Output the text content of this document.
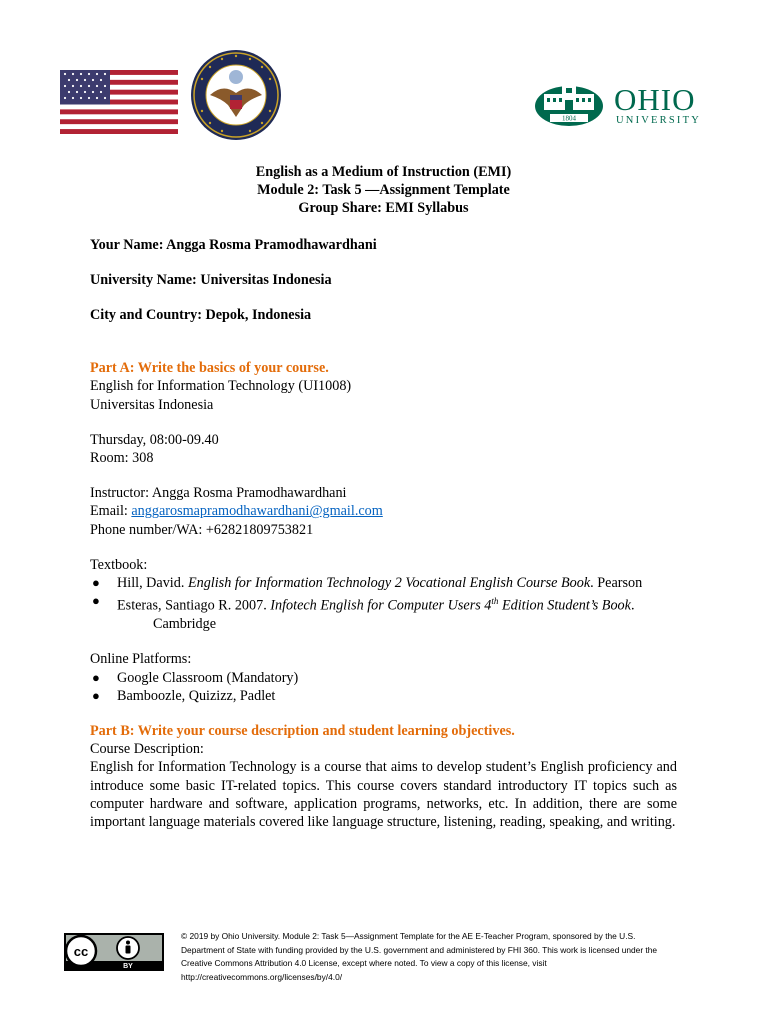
1804
OHIO
UNIVERSITY
English as a Medium of Instruction (EMI)
Module 2: Task 5 —Assignment Template
Group Share: EMI Syllabus
Your Name: Angga Rosma Pramodhawardhani
University Name: Universitas Indonesia
City and Country: Depok, Indonesia
Part A: Write the basics of your course.
English for Information Technology (UI1008)
Universitas Indonesia
Thursday, 08:00-09.40
Room: 308
Instructor: Angga Rosma Pramodhawardhani
Email: anggarosmapramodhawardhani@gmail.com
Phone number/WA: +62821809753821
Textbook:
● Hill, David. English for Information Technology 2 Vocational English Course Book. Pearson
● Esteras, Santiago R. 2007. Infotech English for Computer Users 4th Edition Student’s Book.
Cambridge
Online Platforms:
● Google Classroom (Mandatory)
● Bamboozle, Quizizz, Padlet
Part B: Write your course description and student learning objectives.
Course Description:
English for Information Technology is a course that aims to develop student’s English proficiency and introduce some basic IT-related topics. This course covers standard introductory IT topics such as computer hardware and software, application programs, networks, etc. In addition, there are some important language materials covered like language structure, listening, reading, speaking, and writing.
cc
BY
© 2019 by Ohio University. Module 2: Task 5—Assignment Template for the AE E-Teacher Program, sponsored by the U.S.
Department of State with funding provided by the U.S. government and administered by FHI 360. This work is licensed under the
Creative Commons Attribution 4.0 License, except where noted. To view a copy of this license, visit
http://creativecommons.org/licenses/by/4.0/
